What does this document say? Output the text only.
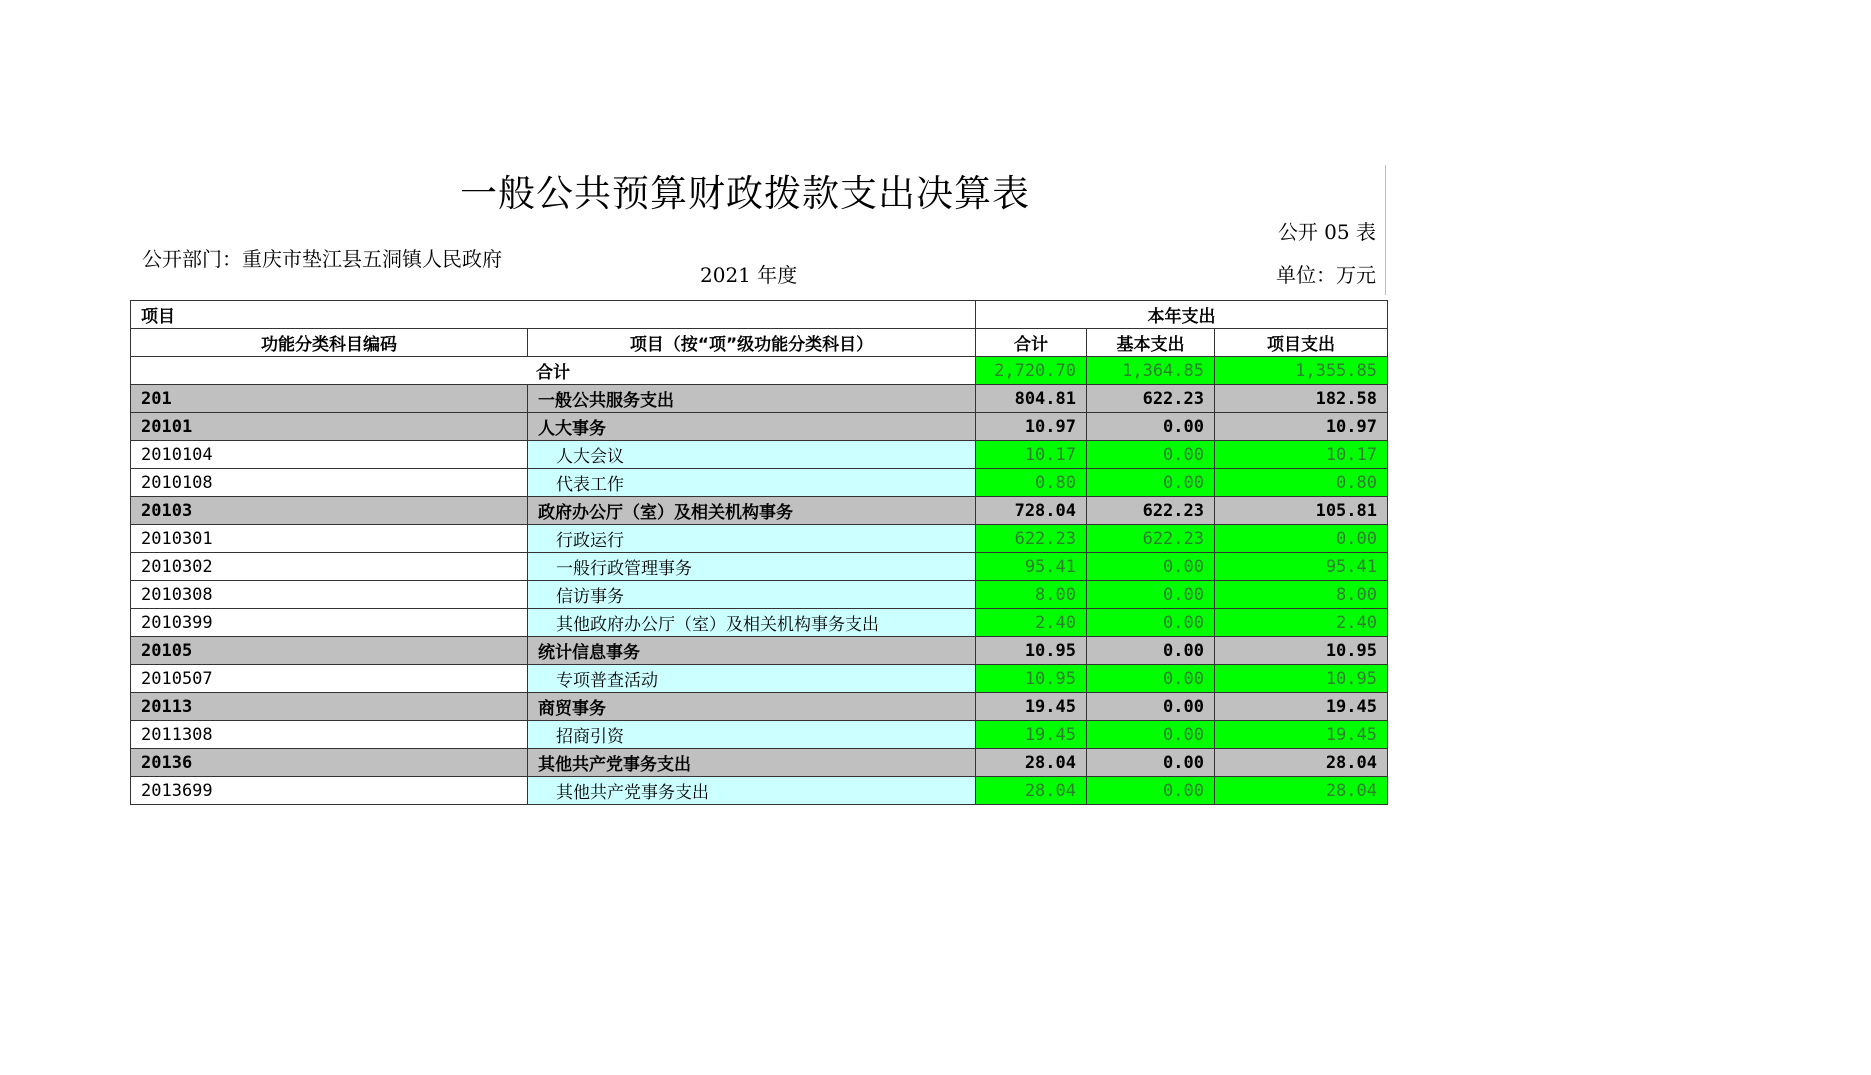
一般公共预算财政拨款支出决算表
公开 05 表
公开部门：重庆市垫江县五洞镇人民政府
2021 年度	单位：万元
项目		本年支出		
功能分类科目编码	项目（按“项”级功能分类科目）	合计	基本支出	项目支出
合计		2,720.70	1,364.85	1,355.85
201	一般公共服务支出	804.81	622.23	182.58
20101	人大事务	10.97	0.00	10.97
2010104	人大会议	10.17	0.00	10.17
2010108	代表工作	0.80	0.00	0.80
20103	政府办公厅（室）及相关机构事务	728.04	622.23	105.81
2010301	行政运行	622.23	622.23	0.00
2010302	一般行政管理事务	95.41	0.00	95.41
2010308	信访事务	8.00	0.00	8.00
2010399	其他政府办公厅（室）及相关机构事务支出	2.40	0.00	2.40
20105	统计信息事务	10.95	0.00	10.95
2010507	专项普查活动	10.95	0.00	10.95
20113	商贸事务	19.45	0.00	19.45
2011308	招商引资	19.45	0.00	19.45
20136	其他共产党事务支出	28.04	0.00	28.04
2013699	其他共产党事务支出	28.04	0.00	28.04
